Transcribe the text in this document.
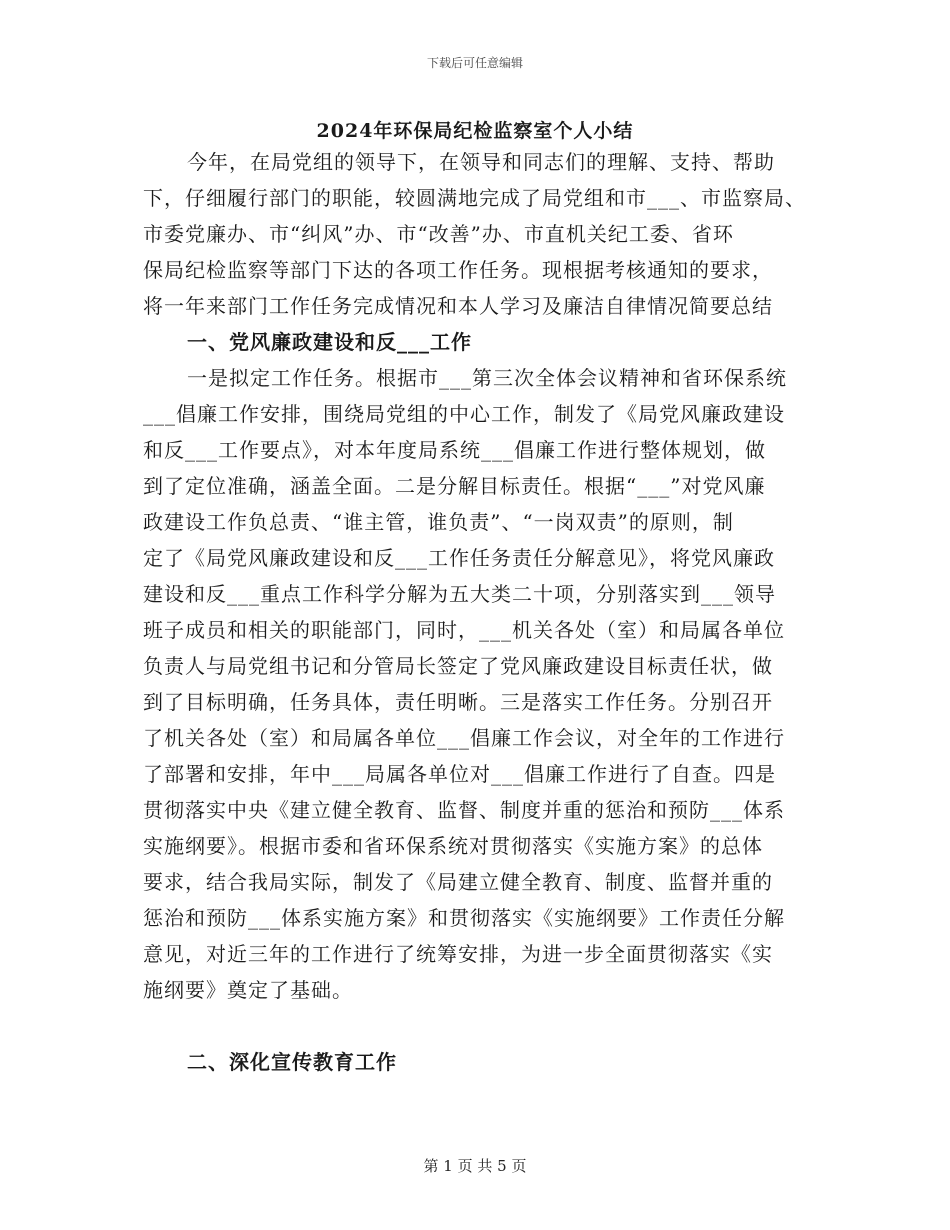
下载后可任意编辑
2024年环保局纪检监察室个人小结
今年，在局党组的领导下，在领导和同志们的理解、支持、帮助
下，仔细履行部门的职能，较圆满地完成了局党组和市___、市监察局、
市委党廉办、市“纠风”办、市“改善”办、市直机关纪工委、省环
保局纪检监察等部门下达的各项工作任务。现根据考核通知的要求，
将一年来部门工作任务完成情况和本人学习及廉洁自律情况简要总结
一、党风廉政建设和反___工作
一是拟定工作任务。根据市___第三次全体会议精神和省环保系统
___倡廉工作安排，围绕局党组的中心工作，制发了《局党风廉政建设
和反___工作要点》，对本年度局系统___倡廉工作进行整体规划，做
到了定位准确，涵盖全面。二是分解目标责任。根据“___”对党风廉
政建设工作负总责、“谁主管，谁负责”、“一岗双责”的原则，制
定了《局党风廉政建设和反___工作任务责任分解意见》，将党风廉政
建设和反___重点工作科学分解为五大类二十项，分别落实到___领导
班子成员和相关的职能部门，同时，___机关各处（室）和局属各单位
负责人与局党组书记和分管局长签定了党风廉政建设目标责任状，做
到了目标明确，任务具体，责任明晰。三是落实工作任务。分别召开
了机关各处（室）和局属各单位___倡廉工作会议，对全年的工作进行
了部署和安排，年中___局属各单位对___倡廉工作进行了自查。四是
贯彻落实中央《建立健全教育、监督、制度并重的惩治和预防___体系
实施纲要》。根据市委和省环保系统对贯彻落实《实施方案》的总体
要求，结合我局实际，制发了《局建立健全教育、制度、监督并重的
惩治和预防___体系实施方案》和贯彻落实《实施纲要》工作责任分解
意见，对近三年的工作进行了统筹安排，为进一步全面贯彻落实《实
施纲要》奠定了基础。
二、深化宣传教育工作
第 1 页 共 5 页
